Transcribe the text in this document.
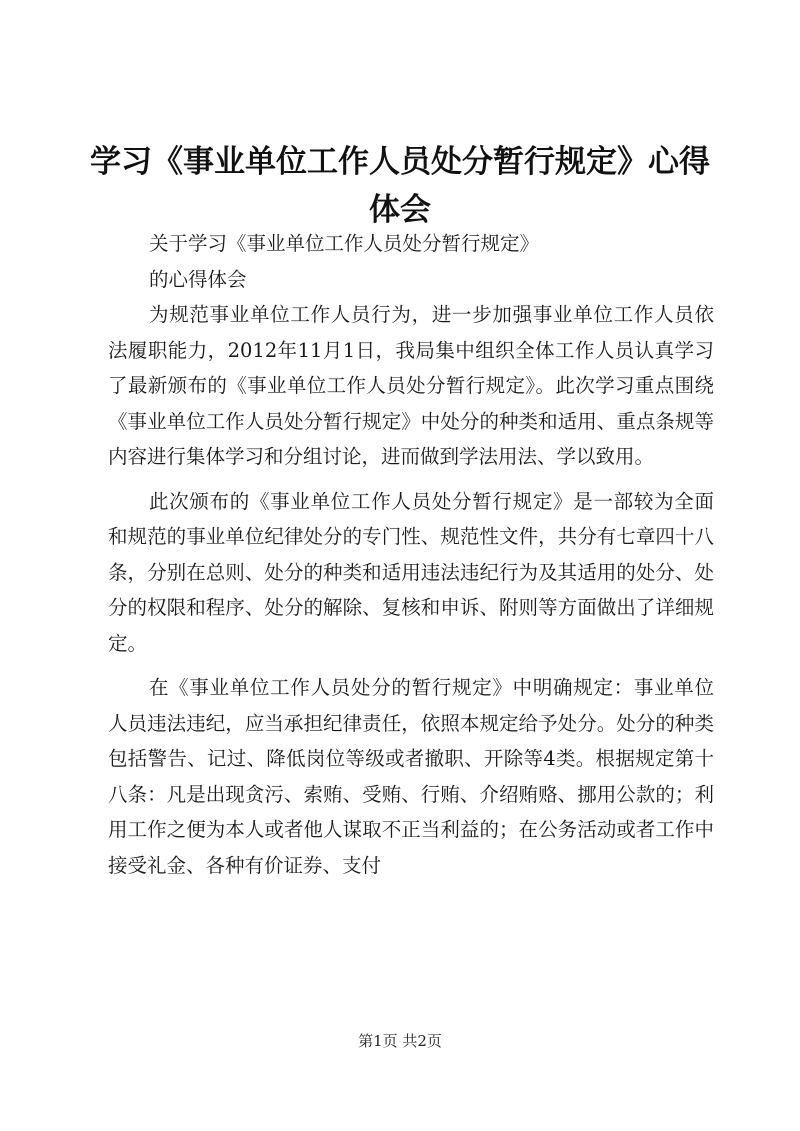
学习《事业单位工作人员处分暂行规定》心得
体会

关于学习《事业单位工作人员处分暂行规定》

的心得体会

为规范事业单位工作人员行为，进一步加强事业单位工作人员依法履职能力，2012年11月1日，我局集中组织全体工作人员认真学习了最新颁布的《事业单位工作人员处分暂行规定》。此次学习重点围绕《事业单位工作人员处分暂行规定》中处分的种类和适用、重点条规等内容进行集体学习和分组讨论，进而做到学法用法、学以致用。

此次颁布的《事业单位工作人员处分暂行规定》是一部较为全面和规范的事业单位纪律处分的专门性、规范性文件，共分有七章四十八条，分别在总则、处分的种类和适用违法违纪行为及其适用的处分、处分的权限和程序、处分的解除、复核和申诉、附则等方面做出了详细规定。

在《事业单位工作人员处分的暂行规定》中明确规定：事业单位人员违法违纪，应当承担纪律责任，依照本规定给予处分。处分的种类包括警告、记过、降低岗位等级或者撤职、开除等4类。根据规定第十八条：凡是出现贪污、索贿、受贿、行贿、介绍贿赂、挪用公款的；利用工作之便为本人或者他人谋取不正当利益的；在公务活动或者工作中接受礼金、各种有价证券、支付

第1页 共2页
